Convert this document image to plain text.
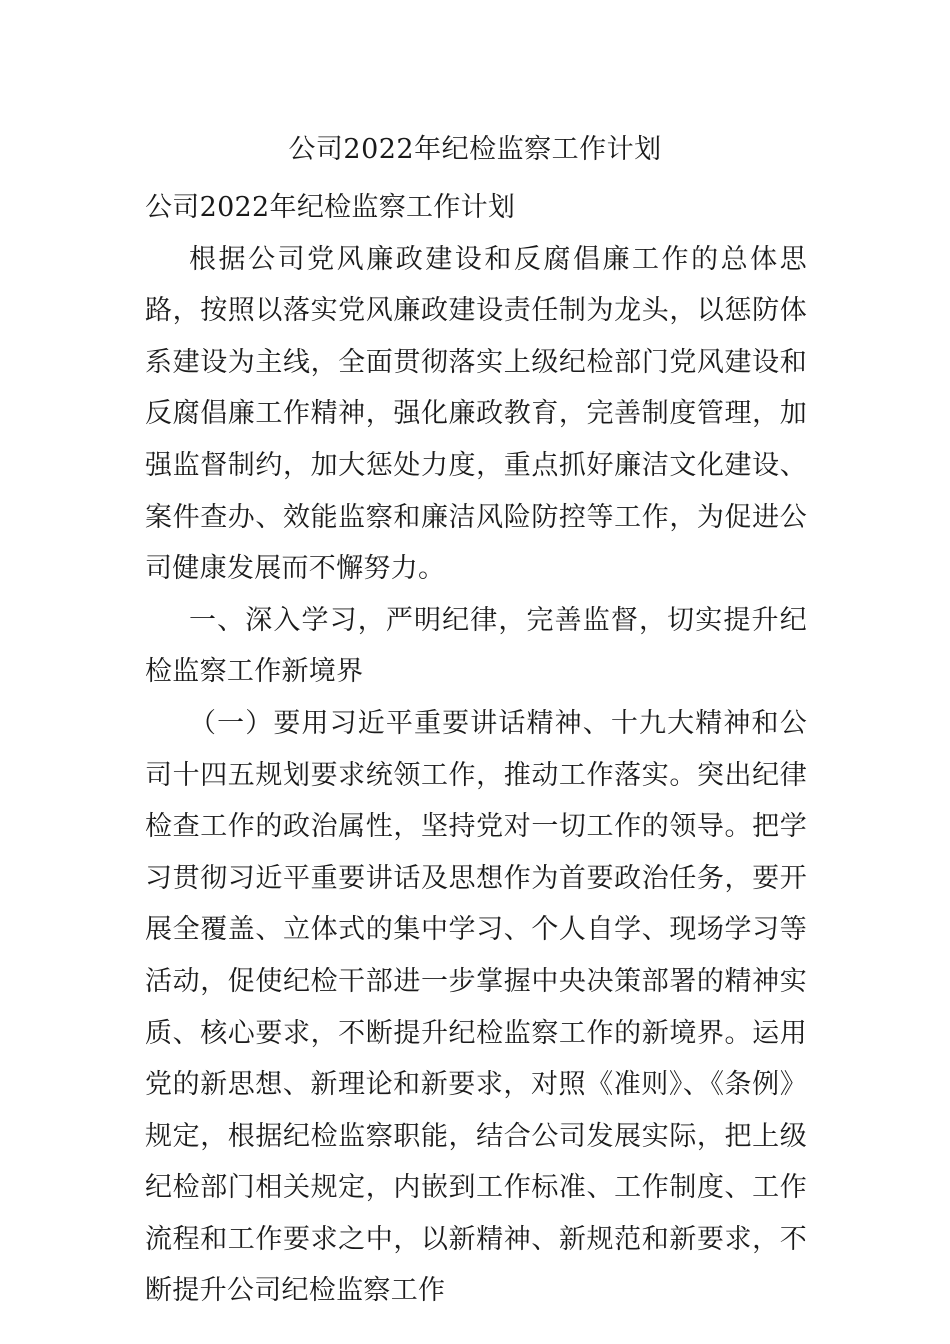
公司2022年纪检监察工作计划

公司2022年纪检监察工作计划

根据公司党风廉政建设和反腐倡廉工作的总体思路，按照以落实党风廉政建设责任制为龙头，以惩防体系建设为主线，全面贯彻落实上级纪检部门党风建设和反腐倡廉工作精神，强化廉政教育，完善制度管理，加强监督制约，加大惩处力度，重点抓好廉洁文化建设、案件查办、效能监察和廉洁风险防控等工作，为促进公司健康发展而不懈努力。

一、深入学习，严明纪律，完善监督，切实提升纪检监察工作新境界

（一）要用习近平重要讲话精神、十九大精神和公司十四五规划要求统领工作，推动工作落实。突出纪律检查工作的政治属性，坚持党对一切工作的领导。把学习贯彻习近平重要讲话及思想作为首要政治任务，要开展全覆盖、立体式的集中学习、个人自学、现场学习等活动，促使纪检干部进一步掌握中央决策部署的精神实质、核心要求，不断提升纪检监察工作的新境界。运用党的新思想、新理论和新要求，对照《准则》、《条例》规定，根据纪检监察职能，结合公司发展实际，把上级纪检部门相关规定，内嵌到工作标准、工作制度、工作流程和工作要求之中，以新精神、新规范和新要求，不断提升公司纪检监察工作
